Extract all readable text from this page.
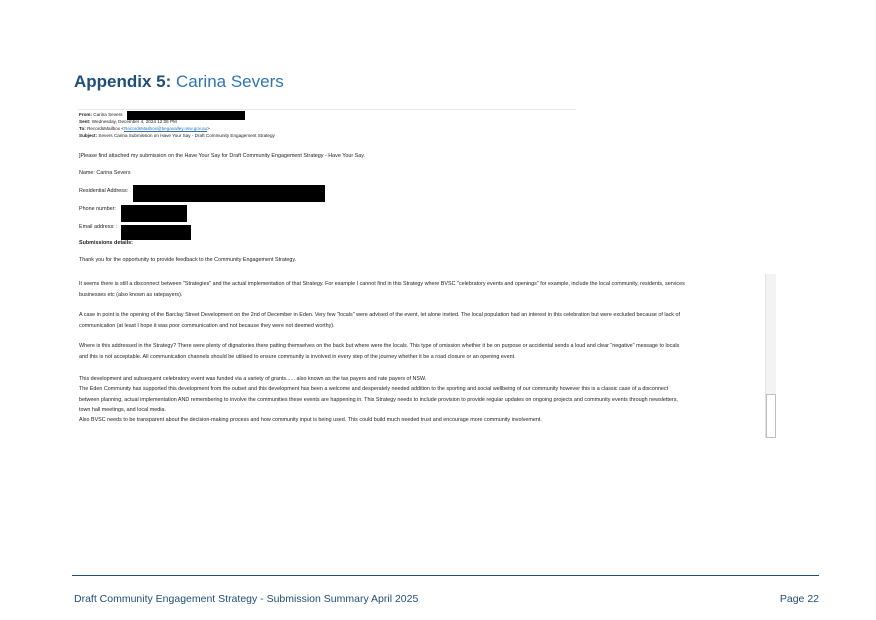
Appendix 5: Carina Severs
From: Carina Severs
Sent: Wednesday, December 4, 2024 12:06 PM
To: RecordsMailbox <RecordsMailbox@begavalley.nsw.gov.au>
Subject: Severs Carina Submission on Have Your Say - Draft Community Engagement Strategy
]Please find attached my submission on the Have Your Say for Draft Community Engagement Strategy - Have Your Say.
Name: Carina Severs
Residential Address:
Phone number:
Email address: :
Submissions details:
Thank you for the opportunity to provide feedback to the Community Engagement Strategy.
It seems there is still a disconnect between "Strategies" and the actual implementation of that Strategy. For example I cannot find in this Strategy where BVSC "celebratory events and openings" for example, include the local community, residents, services
businesses etc (also known as ratepayers).
A case in point is the opening of the Barclay Street Development on the 2nd of December in Eden. Very few "locals" were advised of the event, let alone invited. The local population had an interest in this celebration but were excluded because of lack of
communication (at least I hope it was poor communication and not because they were not deemed worthy).
Where is this addressed in the Strategy? There were plenty of dignatories there patting themselves on the back but where were the locals. This type of omission whether it be on purpose or accidental sends a loud and clear "negative" message to locals
and this is not acceptable. All communication channels should be utilised to ensure community is involved in every step of the journey whether it be a road closure or an opening event.
This development and subsequent celebratory event was funded via a variety of grants...... also known as the tax payers and rate payers of NSW.
The Eden Community has supported this development from the outset and this development has been a welcome and desperately needed addition to the sporting and social wellbeing of our community however this is a classic case of a disconnect
between planning, actual implementation AND remembering to involve the communities these events are happening in. This Strategy needs to include provision to provide regular updates on ongoing projects and community events through newsletters,
town hall meetings, and local media.
Also BVSC needs to be transparent about the decision-making process and how community input is being used. This could build much needed trust and encourage more community involvement.
Draft Community Engagement Strategy - Submission Summary April 2025	Page 22
